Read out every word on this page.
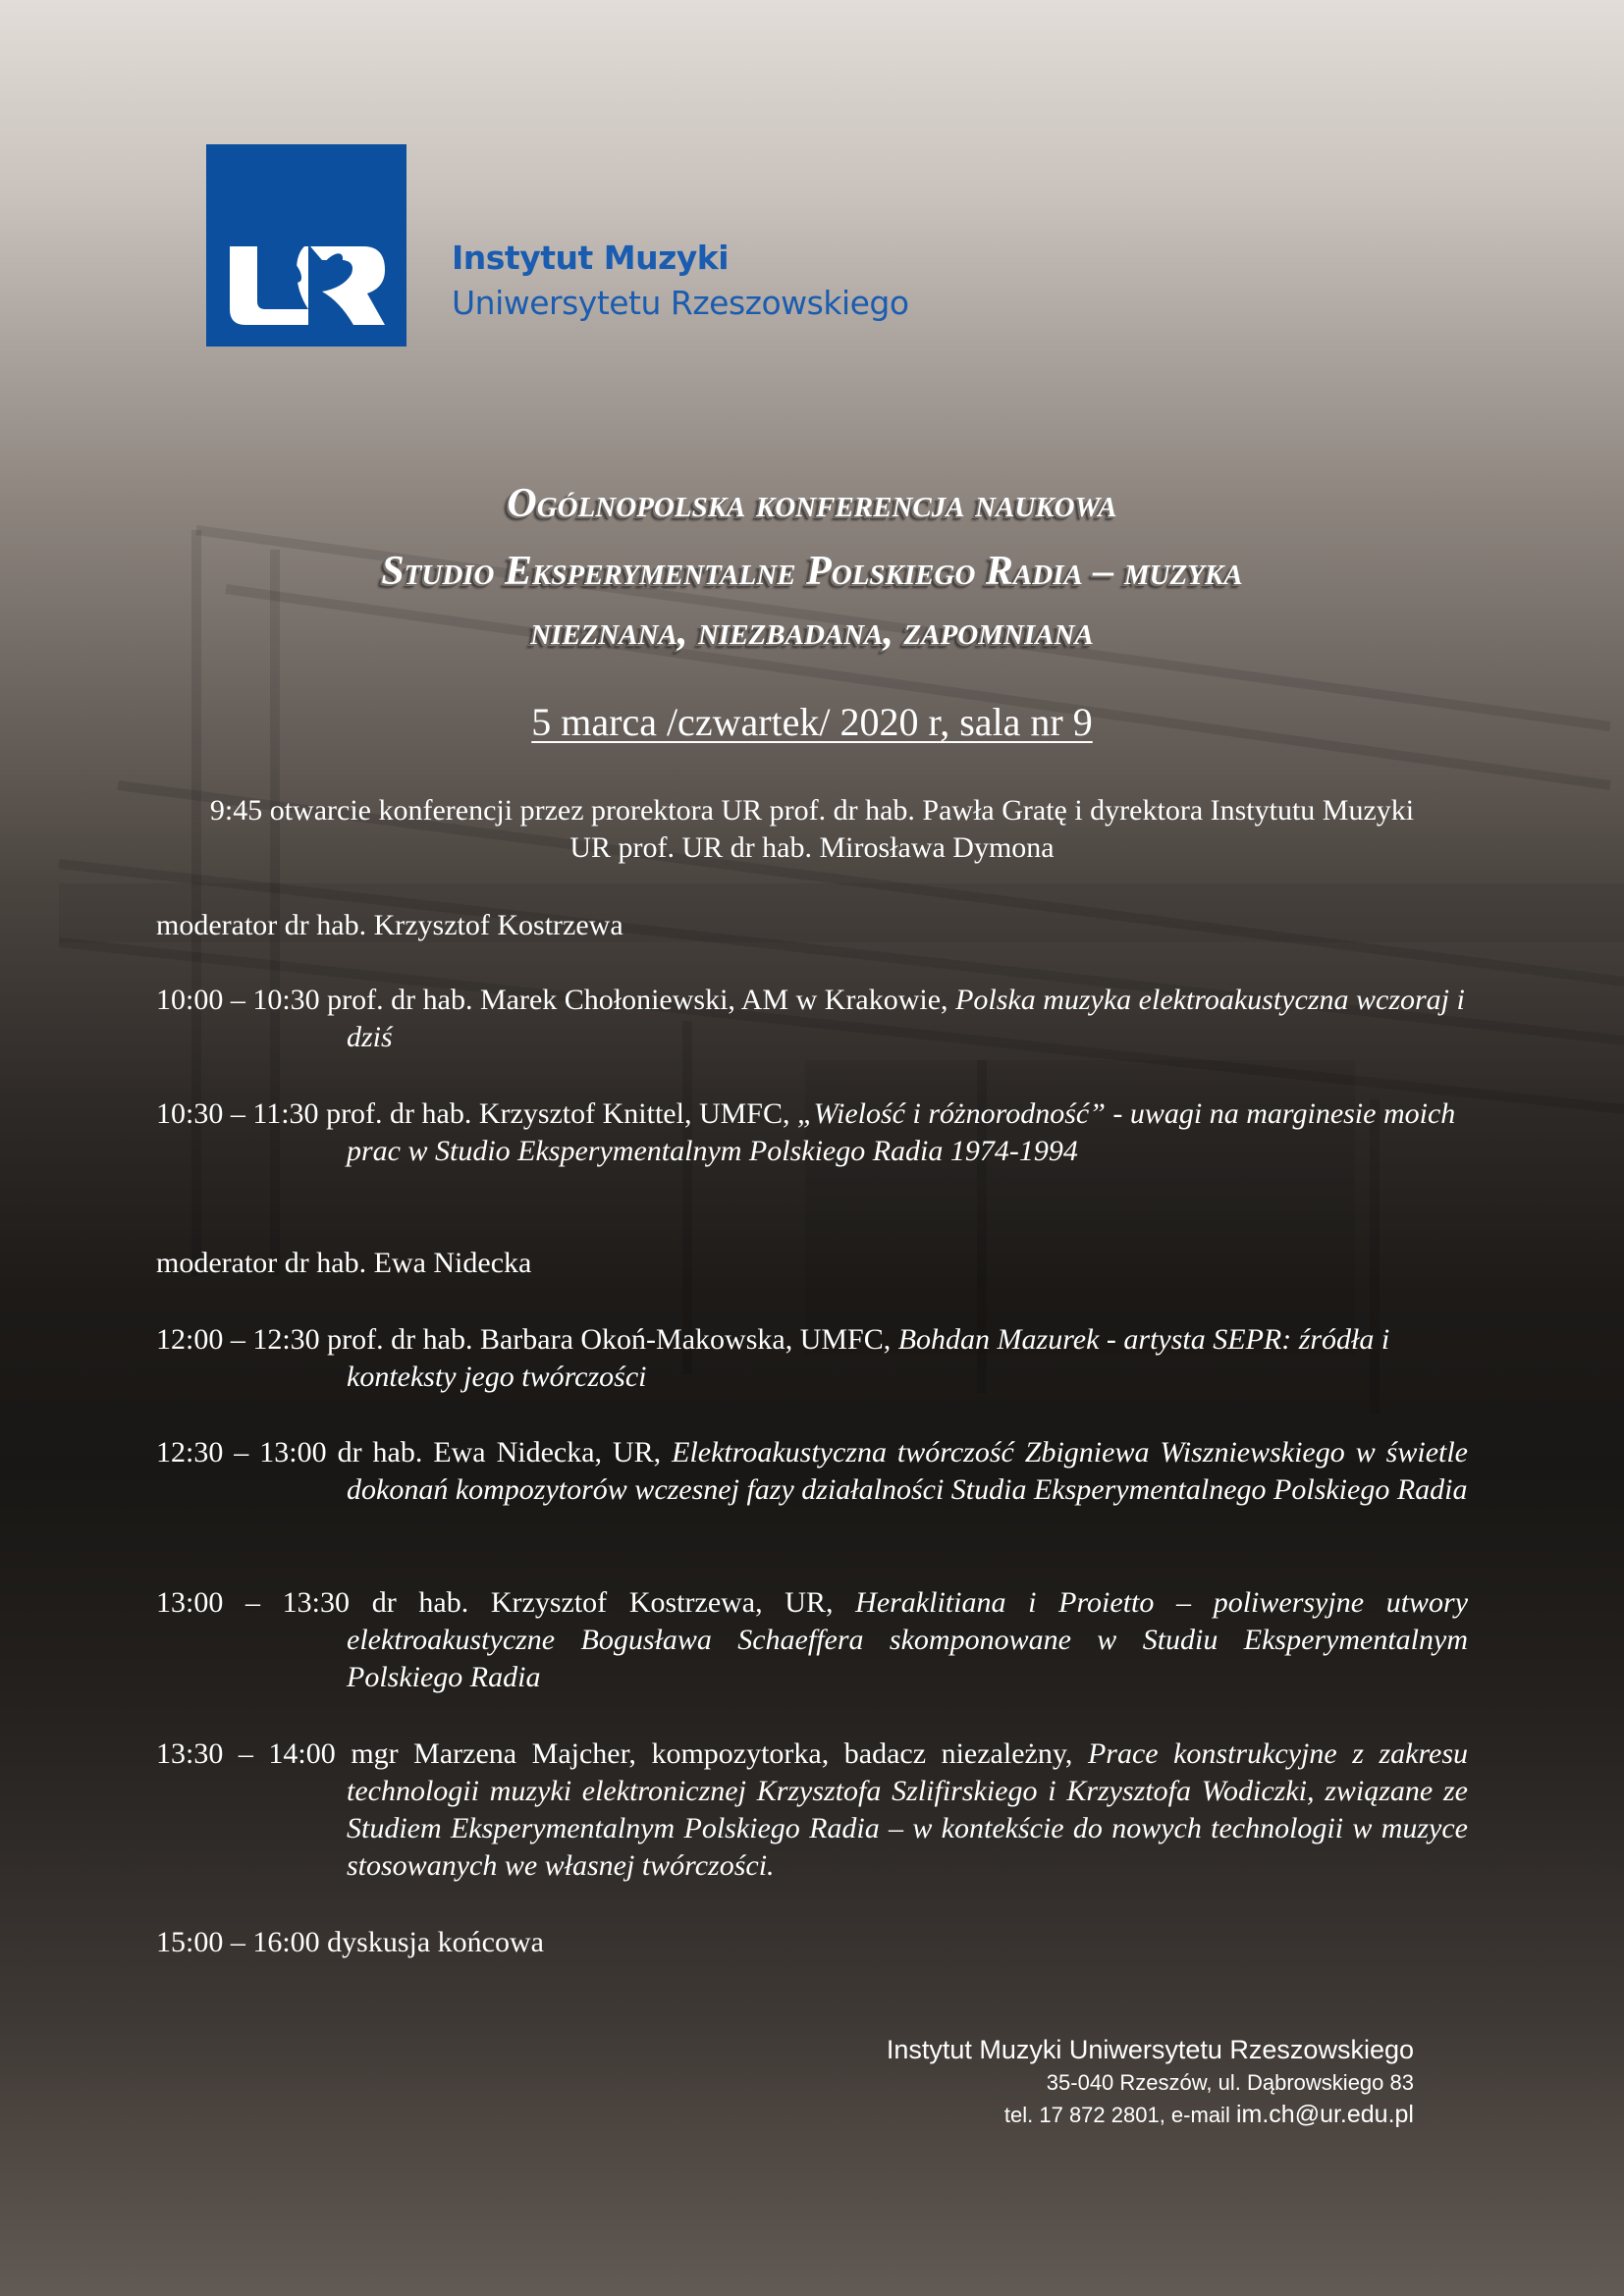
Instytut Muzyki
Uniwersytetu Rzeszowskiego
Ogólnopolska konferencja naukowa
Studio Eksperymentalne Polskiego Radia – muzyka
nieznana, niezbadana, zapomniana
5 marca /czwartek/ 2020 r, sala nr 9
9:45 otwarcie konferencji przez prorektora UR prof. dr hab. Pawła Gratę i dyrektora Instytutu Muzyki UR prof. UR dr hab. Mirosława Dymona
moderator dr hab. Krzysztof Kostrzewa
10:00 – 10:30 prof. dr hab. Marek Chołoniewski, AM w Krakowie, Polska muzyka elektroakustyczna wczoraj i dziś
10:30 – 11:30 prof. dr hab. Krzysztof Knittel, UMFC, „Wielość i różnorodność” - uwagi na marginesie moich prac w Studio Eksperymentalnym Polskiego Radia 1974-1994
moderator dr hab. Ewa Nidecka
12:00 – 12:30 prof. dr hab. Barbara Okoń-Makowska, UMFC, Bohdan Mazurek - artysta SEPR: źródła i konteksty jego twórczości
12:30 – 13:00 dr hab. Ewa Nidecka, UR, Elektroakustyczna twórczość Zbigniewa Wiszniewskiego w świetle dokonań kompozytorów wczesnej fazy działalności Studia Eksperymentalnego Polskiego Radia
13:00 – 13:30 dr hab. Krzysztof Kostrzewa, UR, Heraklitiana i Proietto – poliwersyjne utwory elektroakustyczne Bogusława Schaeffera skomponowane w Studiu Eksperymentalnym Polskiego Radia
13:30 – 14:00 mgr Marzena Majcher, kompozytorka, badacz niezależny, Prace konstrukcyjne z zakresu technologii muzyki elektronicznej Krzysztofa Szlifirskiego i Krzysztofa Wodiczki, związane ze Studiem Eksperymentalnym Polskiego Radia – w kontekście do nowych technologii w muzyce stosowanych we własnej twórczości.
15:00 – 16:00 dyskusja końcowa
Instytut Muzyki Uniwersytetu Rzeszowskiego
35-040 Rzeszów, ul. Dąbrowskiego 83
tel. 17 872 2801, e-mail im.ch@ur.edu.pl
